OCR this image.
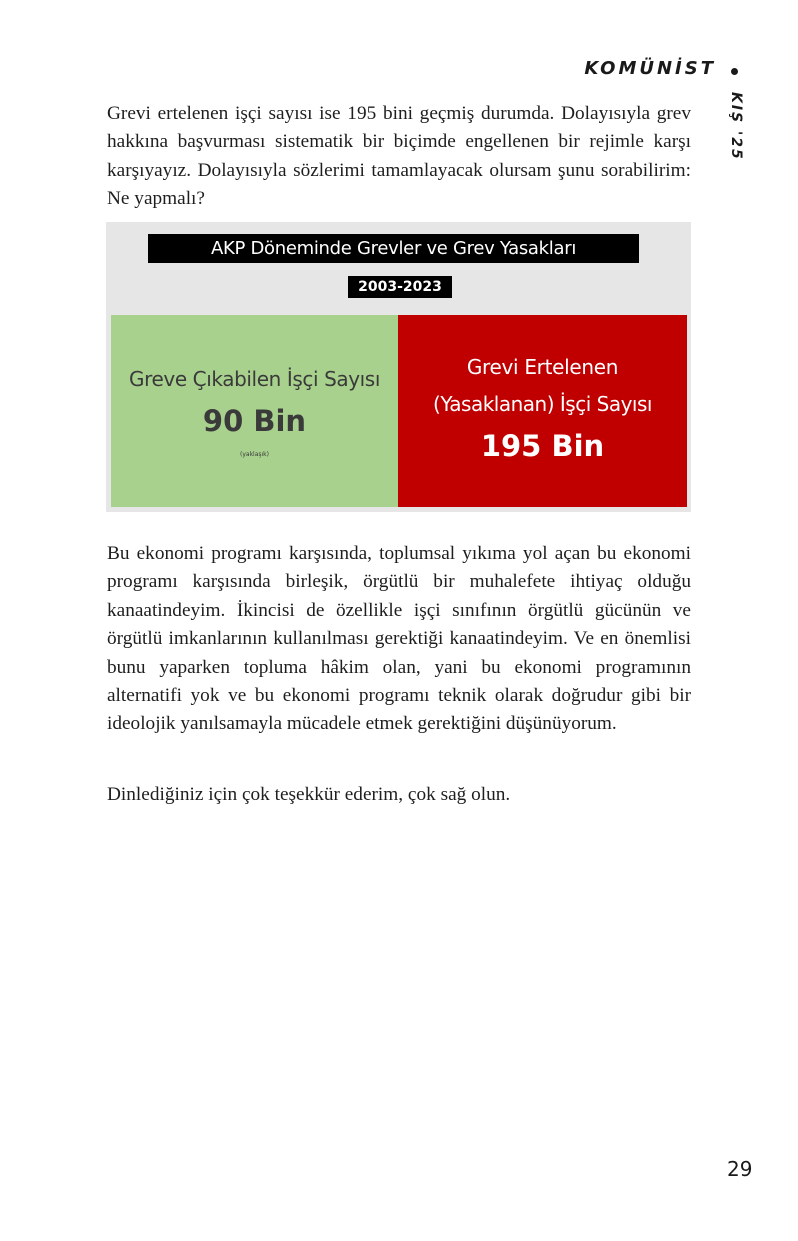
KOMÜNİST
KIŞ '25

Grevi ertelenen işçi sayısı ise 195 bini geçmiş durumda. Dolayısıyla grev hakkına başvurması sistematik bir biçimde engellenen bir rejimle karşı karşıyayız. Dolayısıyla sözlerimi tamamlayacak olursam şunu sorabilirim: Ne yapmalı?

AKP Döneminde Grevler ve Grev Yasakları
2003-2023
Greve Çıkabilen İşçi Sayısı
90 Bin
(yaklaşık)
Grevi Ertelenen
(Yasaklanan) İşçi Sayısı
195 Bin

Bu ekonomi programı karşısında, toplumsal yıkıma yol açan bu ekonomi programı karşısında birleşik, örgütlü bir muhalefete ihtiyaç olduğu kanaatindeyim. İkincisi de özellikle işçi sınıfının örgütlü gücünün ve örgütlü imkanlarının kullanılması gerektiği kanaatindeyim. Ve en önemlisi bunu yaparken topluma hâkim olan, yani bu ekonomi programının alternatifi yok ve bu ekonomi programı teknik olarak doğrudur gibi bir ideolojik yanılsamayla mücadele etmek gerektiğini düşünüyorum.

Dinlediğiniz için çok teşekkür ederim, çok sağ olun.

29
